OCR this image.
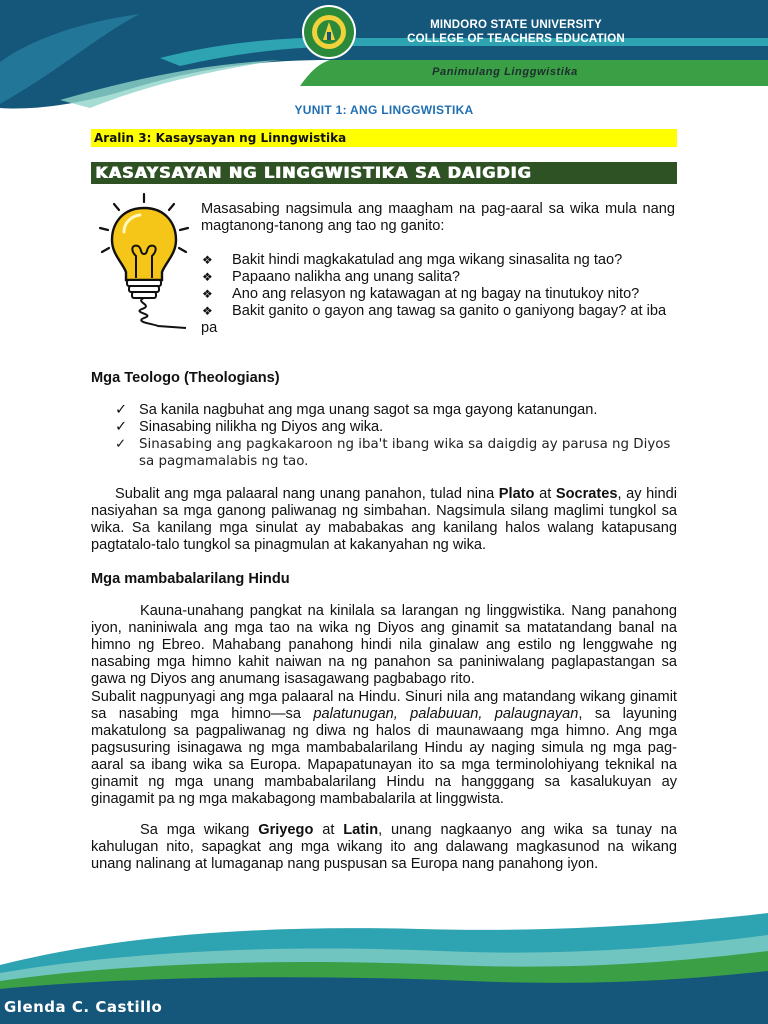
MINDORO STATE UNIVERSITY
COLLEGE OF TEACHERS EDUCATION
Panimulang Linggwistika
YUNIT 1: ANG LINGGWISTIKA
Aralin 3: Kasaysayan ng Linngwistika
KASAYSAYAN NG LINGGWISTIKA SA DAIGDIG

Masasabing nagsimula ang maagham na pag-aaral sa wika mula nang magtanong-tanong ang tao ng ganito:

❖ Bakit hindi magkakatulad ang mga wikang sinasalita ng tao?
❖ Papaano nalikha ang unang salita?
❖ Ano ang relasyon ng katawagan at ng bagay na tinutukoy nito?
❖ Bakit ganito o gayon ang tawag sa ganito o ganiyong bagay? at iba pa
Mga Teologo (Theologians)
✓ Sa kanila nagbuhat ang mga unang sagot sa mga gayong katanungan.
✓ Sinasabing nilikha ng Diyos ang wika.
✓ Sinasabing ang pagkakaroon ng iba't ibang wika sa daigdig ay parusa ng Diyos sa pagmamalabis ng tao.

Subalit ang mga palaaral nang unang panahon, tulad nina Plato at Socrates, ay hindi nasiyahan sa mga ganong paliwanag ng simbahan. Nagsimula silang maglimi tungkol sa wika. Sa kanilang mga sinulat ay mababakas ang kanilang halos walang katapusang pagtatalo-talo tungkol sa pinagmulan at kakanyahan ng wika.

Mga mambabalarilang Hindu

Kauna-unahang pangkat na kinilala sa larangan ng linggwistika. Nang panahong iyon, naniniwala ang mga tao na wika ng Diyos ang ginamit sa matatandang banal na himno ng Ebreo. Mahabang panahong hindi nila ginalaw ang estilo ng lenggwahe ng nasabing mga himno kahit naiwan na ng panahon sa paniniwalang paglapastangan sa gawa ng Diyos ang anumang isasagawang pagbabago rito.

Subalit nagpunyagi ang mga palaaral na Hindu. Sinuri nila ang matandang wikang ginamit sa nasabing mga himno—sa palatunugan, palabuuan, palaugnayan, sa layuning makatulong sa pagpaliwanag ng diwa ng halos di maunawaang mga himno. Ang mga pagsusuring isinagawa ng mga mambabalarilang Hindu ay naging simula ng mga pag-aaral sa ibang wika sa Europa. Mapapatunayan ito sa mga terminolohiyang teknikal na ginamit ng mga unang mambabalarilang Hindu na hangggang sa kasalukuyan ay ginagamit pa ng mga makabagong mambabalarila at linggwista.

Sa mga wikang Griyego at Latin, unang nagkaanyo ang wika sa tunay na kahulugan nito, sapagkat ang mga wikang ito ang dalawang magkasunod na wikang unang nalinang at lumaganap nang puspusan sa Europa nang panahong iyon.

Glenda C. Castillo
